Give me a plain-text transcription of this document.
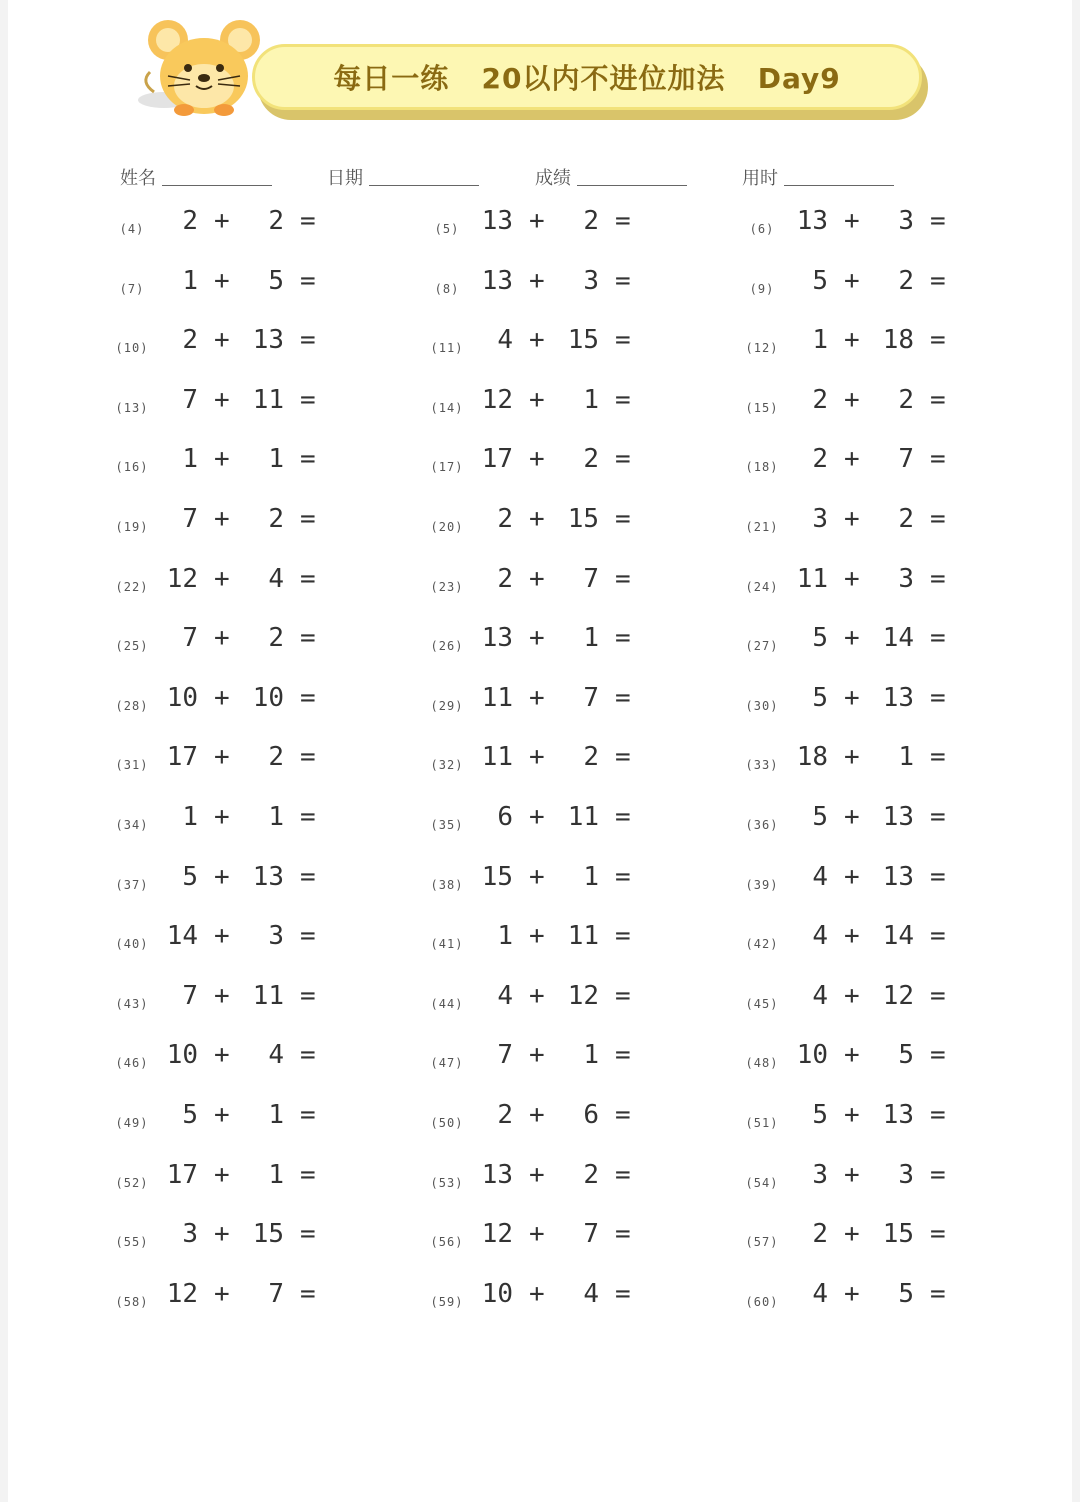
每日一练   20以内不进位加法   Day9
姓名	日期	成绩	用时
(4)	2 +	2 =	(5) 13 +	2 =	(6) 13 +	3 =
(7)	1 +	5 =	(8) 13 +	3 =	(9)	5 +	2 =
(10)	2 + 13 =	(11)	4 + 15 =	(12)	1 + 18 =
(13)	7 + 11 =	(14) 12 +	1 =	(15)	2 +	2 =
(16)	1 +	1 =	(17) 17 +	2 =	(18)	2 +	7 =
(19)	7 +	2 =	(20)	2 + 15 =	(21)	3 +	2 =
(22) 12 +	4 =	(23)	2 +	7 =	(24) 11 +	3 =
(25)	7 +	2 =	(26) 13 +	1 =	(27)	5 + 14 =
(28) 10 + 10 =	(29) 11 +	7 =	(30)	5 + 13 =
(31) 17 +	2 =	(32) 11 +	2 =	(33) 18 +	1 =
(34)	1 +	1 =	(35)	6 + 11 =	(36)	5 + 13 =
(37)	5 + 13 =	(38) 15 +	1 =	(39)	4 + 13 =
(40) 14 +	3 =	(41)	1 + 11 =	(42)	4 + 14 =
(43)	7 + 11 =	(44)	4 + 12 =	(45)	4 + 12 =
(46) 10 +	4 =	(47)	7 +	1 =	(48) 10 +	5 =
(49)	5 +	1 =	(50)	2 +	6 =	(51)	5 + 13 =
(52) 17 +	1 =	(53) 13 +	2 =	(54)	3 +	3 =
(55)	3 + 15 =	(56) 12 +	7 =	(57)	2 + 15 =
(58) 12 +	7 =	(59) 10 +	4 =	(60)	4 +	5 =
